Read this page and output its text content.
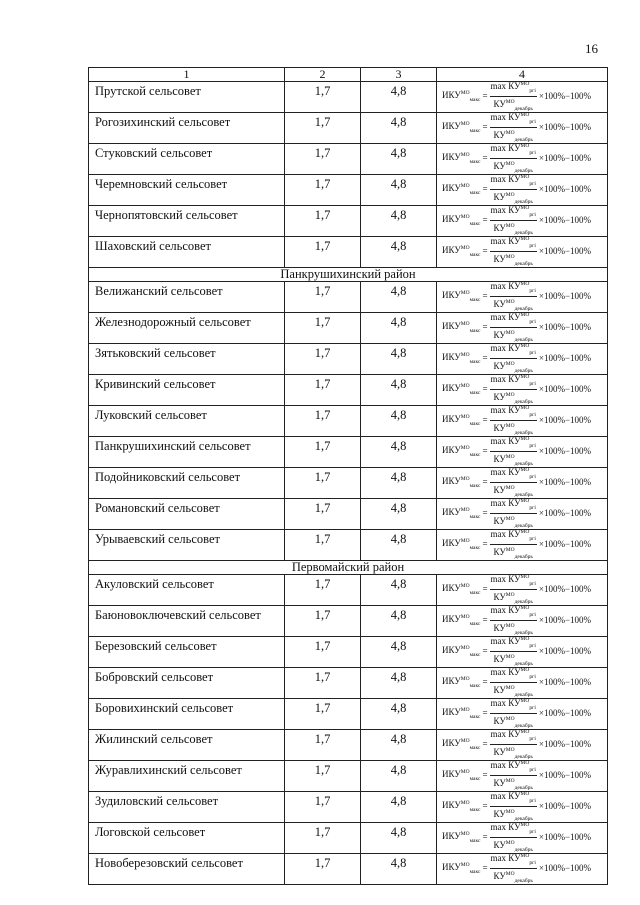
16
1	2	3	4
Прутской сельсовет	1,7	4,8	$ИКУ^{МО}_{макс} = \frac{\max КУ^{МО}_{ргі}}{КУ^{МО}_{декабрь}} \times 100\%-100\%$

Рогозихинский сельсовет	1,7	4,8	$ИКУ^{МО}_{макс} = \frac{\max КУ^{МО}_{ргі}}{КУ^{МО}_{декабрь}} \times 100\%-100\%$

Стуковский сельсовет	1,7	4,8	$ИКУ^{МО}_{макс} = \frac{\max КУ^{МО}_{ргі}}{КУ^{МО}_{декабрь}} \times 100\%-100\%$

Черемновский сельсовет	1,7	4,8	$ИКУ^{МО}_{макс} = \frac{\max КУ^{МО}_{ргі}}{КУ^{МО}_{декабрь}} \times 100\%-100\%$

Чернопятовский сельсовет	1,7	4,8	$ИКУ^{МО}_{макс} = \frac{\max КУ^{МО}_{ргі}}{КУ^{МО}_{декабрь}} \times 100\%-100\%$

Шаховский сельсовет	1,7	4,8	$ИКУ^{МО}_{макс} = \frac{\max КУ^{МО}_{ргі}}{КУ^{МО}_{декабрь}} \times 100\%-100\%$

Панкрушихинский район			
Велижанский сельсовет	1,7	4,8	$ИКУ^{МО}_{макс} = \frac{\max КУ^{МО}_{ргі}}{КУ^{МО}_{декабрь}} \times 100\%-100\%$

Железнодорожный сельсовет	1,7	4,8	$ИКУ^{МО}_{макс} = \frac{\max КУ^{МО}_{ргі}}{КУ^{МО}_{декабрь}} \times 100\%-100\%$

Зятьковский сельсовет	1,7	4,8	$ИКУ^{МО}_{макс} = \frac{\max КУ^{МО}_{ргі}}{КУ^{МО}_{декабрь}} \times 100\%-100\%$

Кривинский сельсовет	1,7	4,8	$ИКУ^{МО}_{макс} = \frac{\max КУ^{МО}_{ргі}}{КУ^{МО}_{декабрь}} \times 100\%-100\%$

Луковский сельсовет	1,7	4,8	$ИКУ^{МО}_{макс} = \frac{\max КУ^{МО}_{ргі}}{КУ^{МО}_{декабрь}} \times 100\%-100\%$

Панкрушихинский сельсовет	1,7	4,8	$ИКУ^{МО}_{макс} = \frac{\max КУ^{МО}_{ргі}}{КУ^{МО}_{декабрь}} \times 100\%-100\%$

Подойниковский сельсовет	1,7	4,8	$ИКУ^{МО}_{макс} = \frac{\max КУ^{МО}_{ргі}}{КУ^{МО}_{декабрь}} \times 100\%-100\%$

Романовский сельсовет	1,7	4,8	$ИКУ^{МО}_{макс} = \frac{\max КУ^{МО}_{ргі}}{КУ^{МО}_{декабрь}} \times 100\%-100\%$

Урываевский сельсовет	1,7	4,8	$ИКУ^{МО}_{макс} = \frac{\max КУ^{МО}_{ргі}}{КУ^{МО}_{декабрь}} \times 100\%-100\%$

Первомайский район			
Акуловский сельсовет	1,7	4,8	$ИКУ^{МО}_{макс} = \frac{\max КУ^{МО}_{ргі}}{КУ^{МО}_{декабрь}} \times 100\%-100\%$

Баюновоключевский сельсовет	1,7	4,8	$ИКУ^{МО}_{макс} = \frac{\max КУ^{МО}_{ргі}}{КУ^{МО}_{декабрь}} \times 100\%-100\%$

Березовский сельсовет	1,7	4,8	$ИКУ^{МО}_{макс} = \frac{\max КУ^{МО}_{ргі}}{КУ^{МО}_{декабрь}} \times 100\%-100\%$

Бобровский сельсовет	1,7	4,8	$ИКУ^{МО}_{макс} = \frac{\max КУ^{МО}_{ргі}}{КУ^{МО}_{декабрь}} \times 100\%-100\%$

Боровихинский сельсовет	1,7	4,8	$ИКУ^{МО}_{макс} = \frac{\max КУ^{МО}_{ргі}}{КУ^{МО}_{декабрь}} \times 100\%-100\%$

Жилинский сельсовет	1,7	4,8	$ИКУ^{МО}_{макс} = \frac{\max КУ^{МО}_{ргі}}{КУ^{МО}_{декабрь}} \times 100\%-100\%$

Журавлихинский сельсовет	1,7	4,8	$ИКУ^{МО}_{макс} = \frac{\max КУ^{МО}_{ргі}}{КУ^{МО}_{декабрь}} \times 100\%-100\%$

Зудиловский сельсовет	1,7	4,8	$ИКУ^{МО}_{макс} = \frac{\max КУ^{МО}_{ргі}}{КУ^{МО}_{декабрь}} \times 100\%-100\%$

Логовской сельсовет	1,7	4,8	$ИКУ^{МО}_{макс} = \frac{\max КУ^{МО}_{ргі}}{КУ^{МО}_{декабрь}} \times 100\%-100\%$

Новоберезовский сельсовет	1,7	4,8	$ИКУ^{МО}_{макс} = \frac{\max КУ^{МО}_{ргі}}{КУ^{МО}_{декабрь}} \times 100\%-100\%$
